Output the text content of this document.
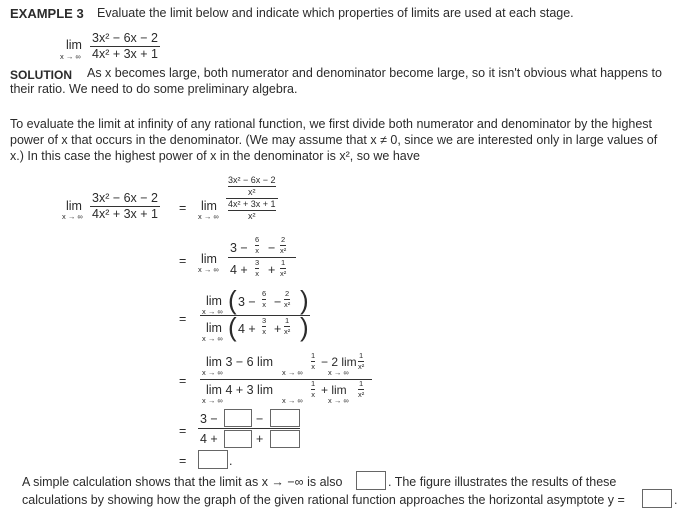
EXAMPLE 3 Evaluate the limit below and indicate which properties of limits are used at each stage.
lim
x → ∞
3x² − 6x − 2
4x² + 3x + 1
SOLUTION As x becomes large, both numerator and denominator become large, so it isn't obvious what happens to
their ratio. We need to do some preliminary algebra.
To evaluate the limit at infinity of any rational function, we first divide both numerator and denominator by the highest
power of x that occurs in the denominator. (We may assume that x ≠ 0, since we are interested only in large values of
x.) In this case the highest power of x in the denominator is x², so we have
lim
x → ∞
3x² − 6x − 2
4x² + 3x + 1 = lim
x → ∞
3x² − 6x − 2
x²
4x² + 3x + 1
x²
= lim
x → ∞
3 −
6
x −
2
x²
4 +
3
x +
1
x²
=
lim
x → ∞ ( 3 −
6
x −
2
x² )
lim
x → ∞ ( 4 +
3
x +
1
x² )
=
lim 3 − 6 lim
x → ∞	x → ∞
1
x − 2 lim
x → ∞
lim 4 + 3 lim
x → ∞	x → ∞
1
x + lim
x → ∞
1
x²
1
x²
=
3 −	−
4 +	+
=	.
A simple calculation shows that the limit as x → −∞ is also	. The figure illustrates the results of these
calculations by showing how the graph of the given rational function approaches the horizontal asymptote y =	.
